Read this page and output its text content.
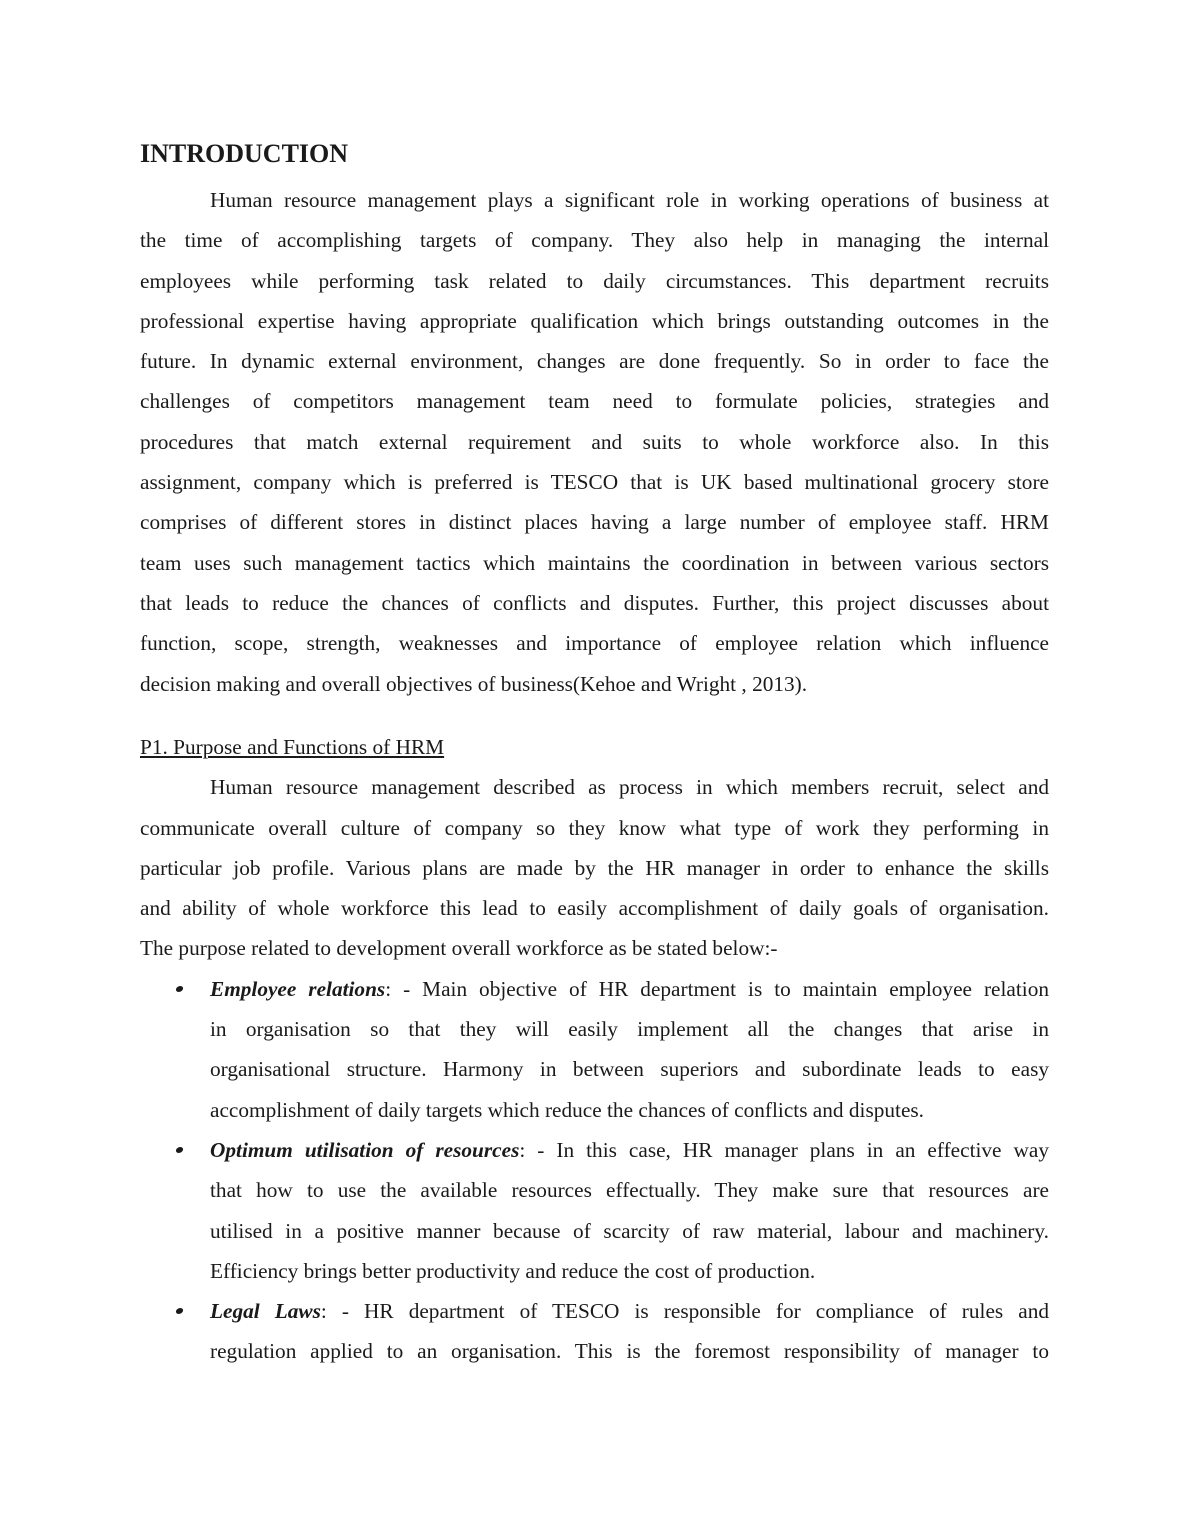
INTRODUCTION
Human resource management plays a significant role in working operations of business at
the time of accomplishing targets of company. They also help in managing the internal
employees while performing task related to daily circumstances. This department recruits
professional expertise having appropriate qualification which brings outstanding outcomes in the
future. In dynamic external environment, changes are done frequently. So in order to face the
challenges of competitors management team need to formulate policies, strategies and
procedures that match external requirement and suits to whole workforce also. In this
assignment, company which is preferred is TESCO that is UK based multinational grocery store
comprises of different stores in distinct places having a large number of employee staff. HRM
team uses such management tactics which maintains the coordination in between various sectors
that leads to reduce the chances of conflicts and disputes. Further, this project discusses about
function, scope, strength, weaknesses and importance of employee relation which influence
decision making and overall objectives of business(Kehoe and Wright , 2013).
P1. Purpose and Functions of HRM
Human resource management described as process in which members recruit, select and
communicate overall culture of company so they know what type of work they performing in
particular job profile. Various plans are made by the HR manager in order to enhance the skills
and ability of whole workforce this lead to easily accomplishment of daily goals of organisation.
The purpose related to development overall workforce as be stated below:-
Employee relations: - Main objective of HR department is to maintain employee relation
in organisation so that they will easily implement all the changes that arise in
organisational structure. Harmony in between superiors and subordinate leads to easy
accomplishment of daily targets which reduce the chances of conflicts and disputes.
Optimum utilisation of resources: - In this case, HR manager plans in an effective way
that how to use the available resources effectually. They make sure that resources are
utilised in a positive manner because of scarcity of raw material, labour and machinery.
Efficiency brings better productivity and reduce the cost of production.
Legal Laws: - HR department of TESCO is responsible for compliance of rules and
regulation applied to an organisation. This is the foremost responsibility of manager to
